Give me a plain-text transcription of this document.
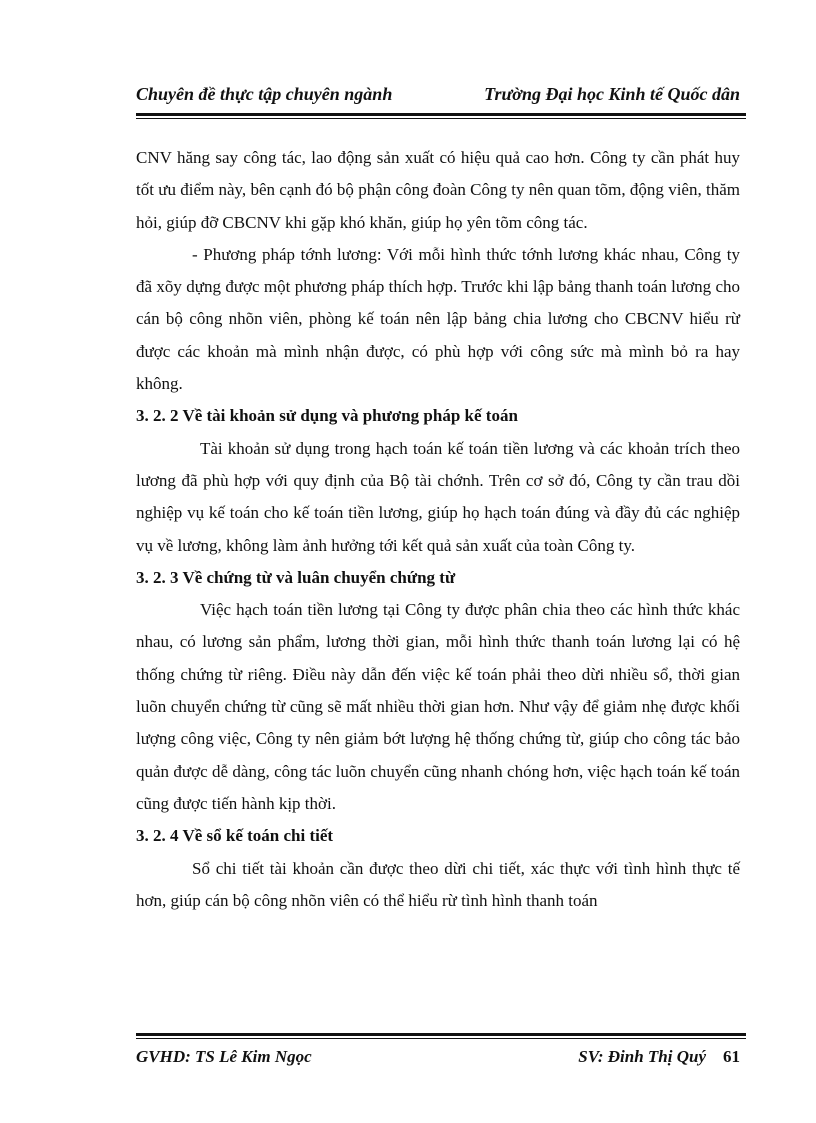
Chuyên đề thực tập chuyên ngành	Trường Đại học Kinh tế Quốc dân

CNV hăng say công tác, lao động sản xuất có hiệu quả cao hơn. Công ty cần phát huy tốt ưu điểm này, bên cạnh đó bộ phận công đoàn Công ty nên quan tõm, động viên, thăm hỏi, giúp đỡ CBCNV khi gặp khó khăn, giúp họ yên tõm công tác.

- Phương pháp tớnh lương: Với mỗi hình thức tớnh lương khác nhau, Công ty đã xõy dựng được một phương pháp thích hợp. Trước khi lập bảng thanh toán lương cho cán bộ công nhõn viên, phòng kế toán nên lập bảng chia lương cho CBCNV hiểu rừ được các khoản mà mình nhận được, có phù hợp với công sức mà mình bỏ ra hay không.

3. 2. 2 Về tài khoản sử dụng và phương pháp kế toán

Tài khoản sử dụng trong hạch toán kế toán tiền lương và các khoản trích theo lương đã phù hợp với quy định của Bộ tài chớnh. Trên cơ sở đó, Công ty cần trau dồi nghiệp vụ kế toán cho kế toán tiền lương, giúp họ hạch toán đúng và đầy đủ các nghiệp vụ về lương, không làm ảnh hưởng tới kết quả sản xuất của toàn Công ty.

3. 2. 3 Về chứng từ và luân chuyển chứng từ

Việc hạch toán tiền lương tại Công ty được phân chia theo các hình thức khác nhau, có lương sản phẩm, lương thời gian, mỗi hình thức thanh toán lương lại có hệ thống chứng từ riêng. Điều này dẫn đến việc kế toán phải theo dừi nhiều sổ, thời gian luõn chuyển chứng từ cũng sẽ mất nhiều thời gian hơn. Như vậy để giảm nhẹ được khối lượng công việc, Công ty nên giảm bớt lượng hệ thống chứng từ, giúp cho công tác bảo quản được dễ dàng, công tác luõn chuyển cũng nhanh chóng hơn, việc hạch toán kế toán cũng được tiến hành kịp thời.

3. 2. 4 Về sổ kế toán chi tiết

Sổ chi tiết tài khoản cần được theo dừi chi tiết, xác thực với tình hình thực tế hơn, giúp cán bộ công nhõn viên có thể hiểu rừ tình hình thanh toán

GVHD: TS Lê Kim Ngọc	SV: Đinh Thị Quý 61
